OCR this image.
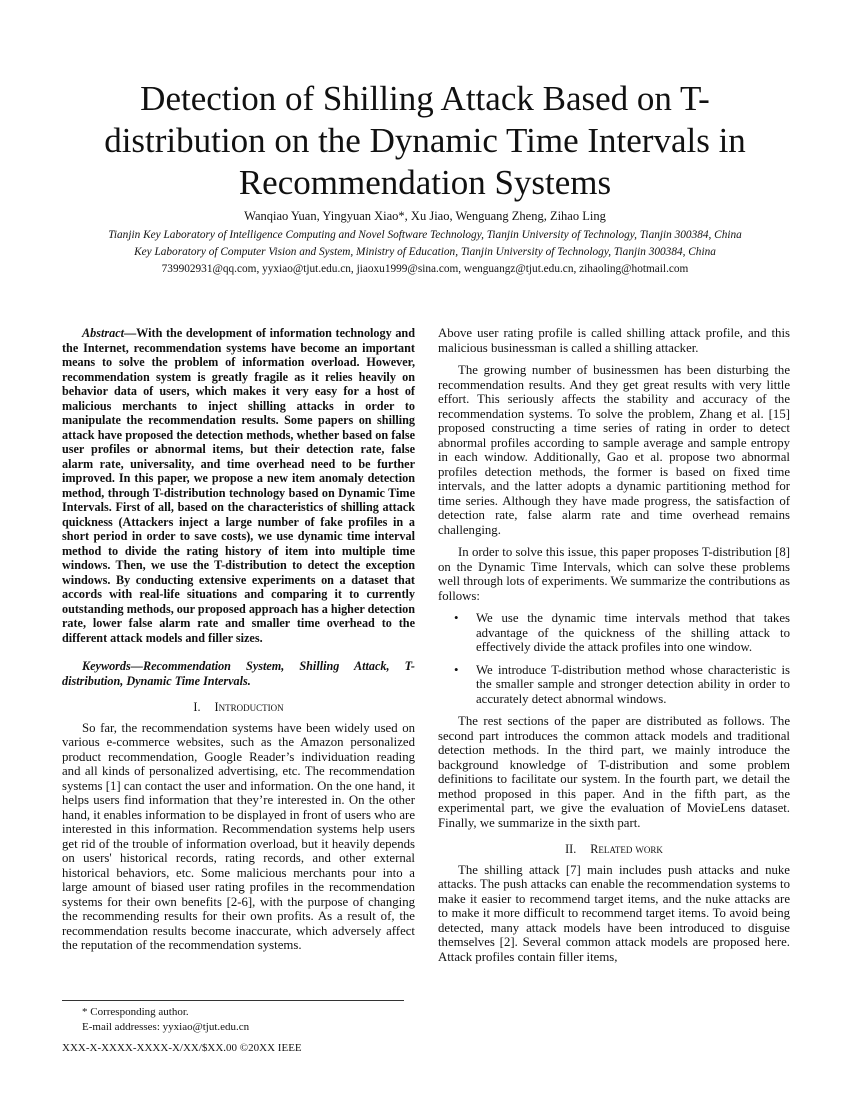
Detection of Shilling Attack Based on T-distribution on the Dynamic Time Intervals in Recommendation Systems
Wanqiao Yuan, Yingyuan Xiao*, Xu Jiao, Wenguang Zheng, Zihao Ling
Tianjin Key Laboratory of Intelligence Computing and Novel Software Technology, Tianjin University of Technology, Tianjin 300384, China
Key Laboratory of Computer Vision and System, Ministry of Education, Tianjin University of Technology, Tianjin 300384, China
739902931@qq.com, yyxiao@tjut.edu.cn, jiaoxu1999@sina.com, wenguangz@tjut.edu.cn, zihaoling@hotmail.com

Abstract—With the development of information technology and the Internet, recommendation systems have become an important means to solve the problem of information overload. However, recommendation system is greatly fragile as it relies heavily on behavior data of users, which makes it very easy for a host of malicious merchants to inject shilling attacks in order to manipulate the recommendation results. Some papers on shilling attack have proposed the detection methods, whether based on false user profiles or abnormal items, but their detection rate, false alarm rate, universality, and time overhead need to be further improved. In this paper, we propose a new item anomaly detection method, through T-distribution technology based on Dynamic Time Intervals. First of all, based on the characteristics of shilling attack quickness (Attackers inject a large number of fake profiles in a short period in order to save costs), we use dynamic time interval method to divide the rating history of item into multiple time windows. Then, we use the T-distribution to detect the exception windows. By conducting extensive experiments on a dataset that accords with real-life situations and comparing it to currently outstanding methods, our proposed approach has a higher detection rate, lower false alarm rate and smaller time overhead to the different attack models and filler sizes.

Keywords—Recommendation System, Shilling Attack, T-distribution, Dynamic Time Intervals.

I. Introduction

So far, the recommendation systems have been widely used on various e-commerce websites, such as the Amazon personalized product recommendation, Google Reader’s individuation reading and all kinds of personalized advertising, etc. The recommendation systems [1] can contact the user and information. On the one hand, it helps users find information that they’re interested in. On the other hand, it enables information to be displayed in front of users who are interested in this information. Recommendation systems help users get rid of the trouble of information overload, but it heavily depends on users' historical records, rating records, and other external historical behaviors, etc. Some malicious merchants pour into a large amount of biased user rating profiles in the recommendation systems for their own benefits [2-6], with the purpose of changing the recommending results for their own profits. As a result of, the recommendation results become inaccurate, which adversely affect the reputation of the recommendation systems.

Above user rating profile is called shilling attack profile, and this malicious businessman is called a shilling attacker.

The growing number of businessmen has been disturbing the recommendation results. And they get great results with very little effort. This seriously affects the stability and accuracy of the recommendation systems. To solve the problem, Zhang et al. [15] proposed constructing a time series of rating in order to detect abnormal profiles according to sample average and sample entropy in each window. Additionally, Gao et al. propose two abnormal profiles detection methods, the former is based on fixed time intervals, and the latter adopts a dynamic partitioning method for time series. Although they have made progress, the satisfaction of detection rate, false alarm rate and time overhead remains challenging.

In order to solve this issue, this paper proposes T-distribution [8] on the Dynamic Time Intervals, which can solve these problems well through lots of experiments. We summarize the contributions as follows:

• We use the dynamic time intervals method that takes advantage of the quickness of the shilling attack to effectively divide the attack profiles into one window.
• We introduce T-distribution method whose characteristic is the smaller sample and stronger detection ability in order to accurately detect abnormal windows.

The rest sections of the paper are distributed as follows. The second part introduces the common attack models and traditional detection methods. In the third part, we mainly introduce the background knowledge of T-distribution and some problem definitions to facilitate our system. In the fourth part, we detail the method proposed in this paper. And in the fifth part, as the experimental part, we give the evaluation of MovieLens dataset. Finally, we summarize in the sixth part.

II. Related work

The shilling attack [7] main includes push attacks and nuke attacks. The push attacks can enable the recommendation systems to make it easier to recommend target items, and the nuke attacks are to make it more difficult to recommend target items. To avoid being detected, many attack models have been introduced to disguise themselves [2]. Several common attack models are proposed here. Attack profiles contain filler items,

* Corresponding author.
E-mail addresses: yyxiao@tjut.edu.cn
XXX-X-XXXX-XXXX-X/XX/$XX.00 ©20XX IEEE
